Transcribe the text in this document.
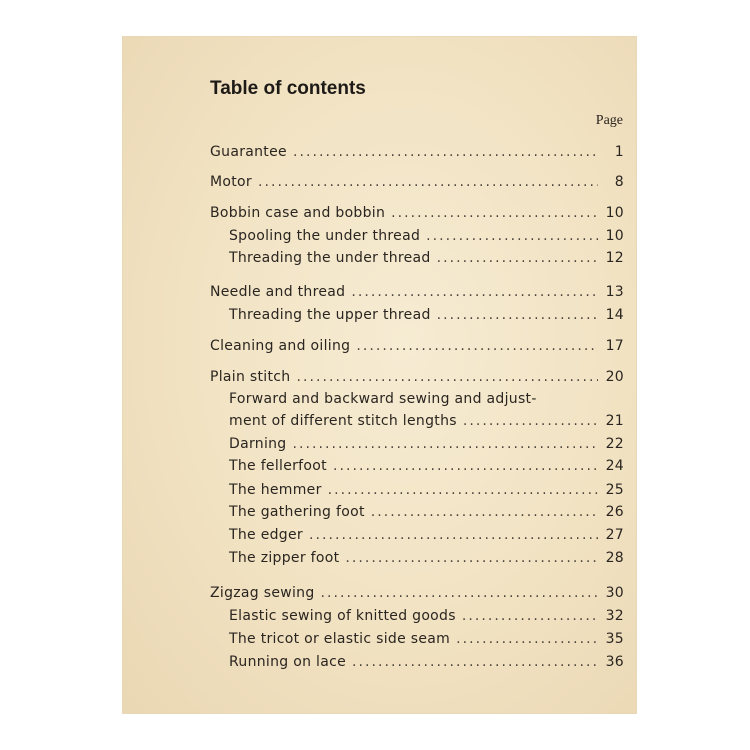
Table of contents
Page
Guarantee . . .	1
Motor . . .	8
Bobbin case and bobbin . . .	10
Spooling the under thread . . .	10
Threading the under thread . . .	12
Needle and thread . . .	13
Threading the upper thread . . .	14
Cleaning and oiling . . .	17
Plain stitch . . .	20
Forward and backward sewing and adjust-
ment of different stitch lengths . . .	21
Darning . . .	22
The fellerfoot . . .	24
The hemmer . . .	25
The gathering foot . . .	26
The edger . . .	27
The zipper foot . . .	28
Zigzag sewing . . .	30
Elastic sewing of knitted goods . . .	32
The tricot or elastic side seam . . .	35
Running on lace . . .	36
